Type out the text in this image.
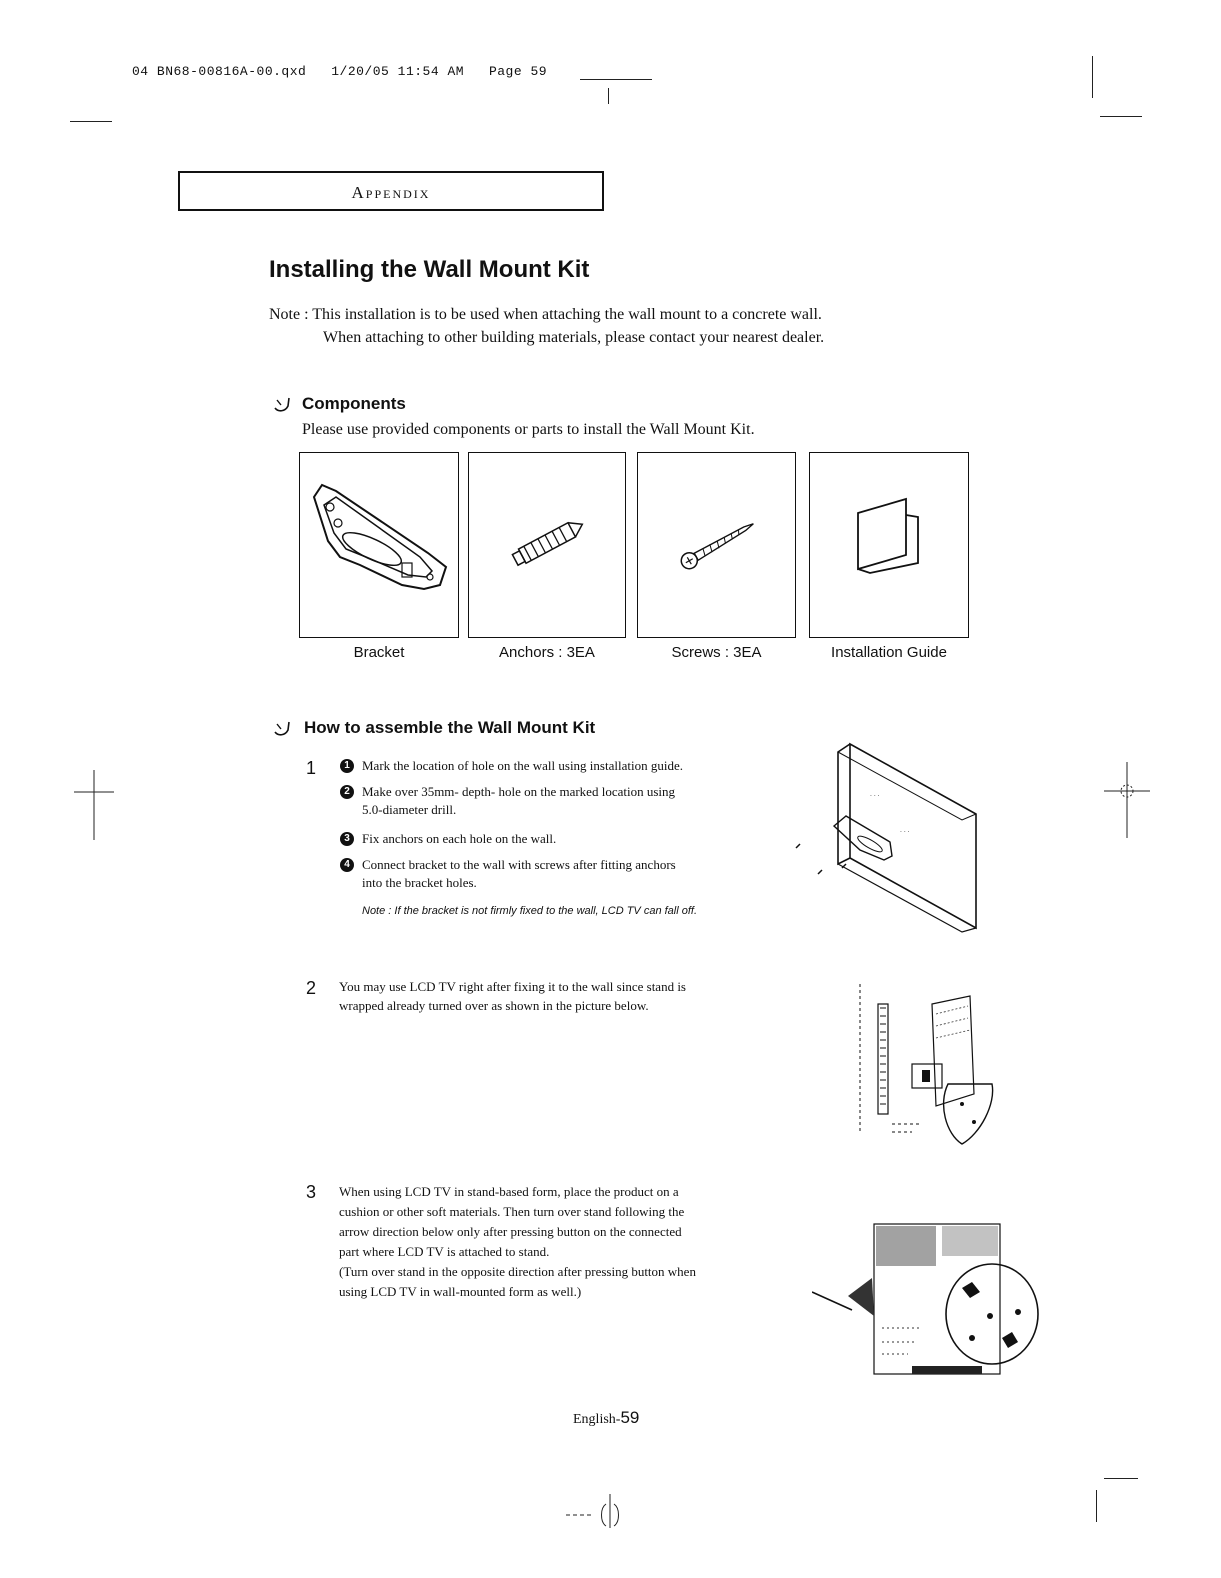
04 BN68-00816A-00.qxd   1/20/05 11:54 AM   Page 59
Appendix
Installing the Wall Mount Kit
Note : This installation is to be used when attaching the wall mount to a concrete wall.
When attaching to other building materials, please contact your nearest dealer.
Components
Please use provided components or parts to install the Wall Mount Kit.
Bracket	Anchors : 3EA	Screws : 3EA	Installation Guide
How to assemble the Wall Mount Kit
1	1 Mark the location of hole on the wall using installation guide.
2 Make over 35mm- depth- hole on the marked location using
5.0-diameter drill.
3 Fix anchors on each hole on the wall.
4 Connect bracket to the wall with screws after fitting anchors
into the bracket holes.
Note : If the bracket is not firmly fixed to the wall, LCD TV can fall off.
· · ·
· · ·
2 You may use LCD TV right after fixing it to the wall since stand is
wrapped already turned over as shown in the picture below.
3 When using LCD TV in stand-based form, place the product on a
cushion or other soft materials. Then turn over stand following the
arrow direction below only after pressing button on the connected
part where LCD TV is attached to stand.
(Turn over stand in the opposite direction after pressing button when
using LCD TV in wall-mounted form as well.)
English-59
